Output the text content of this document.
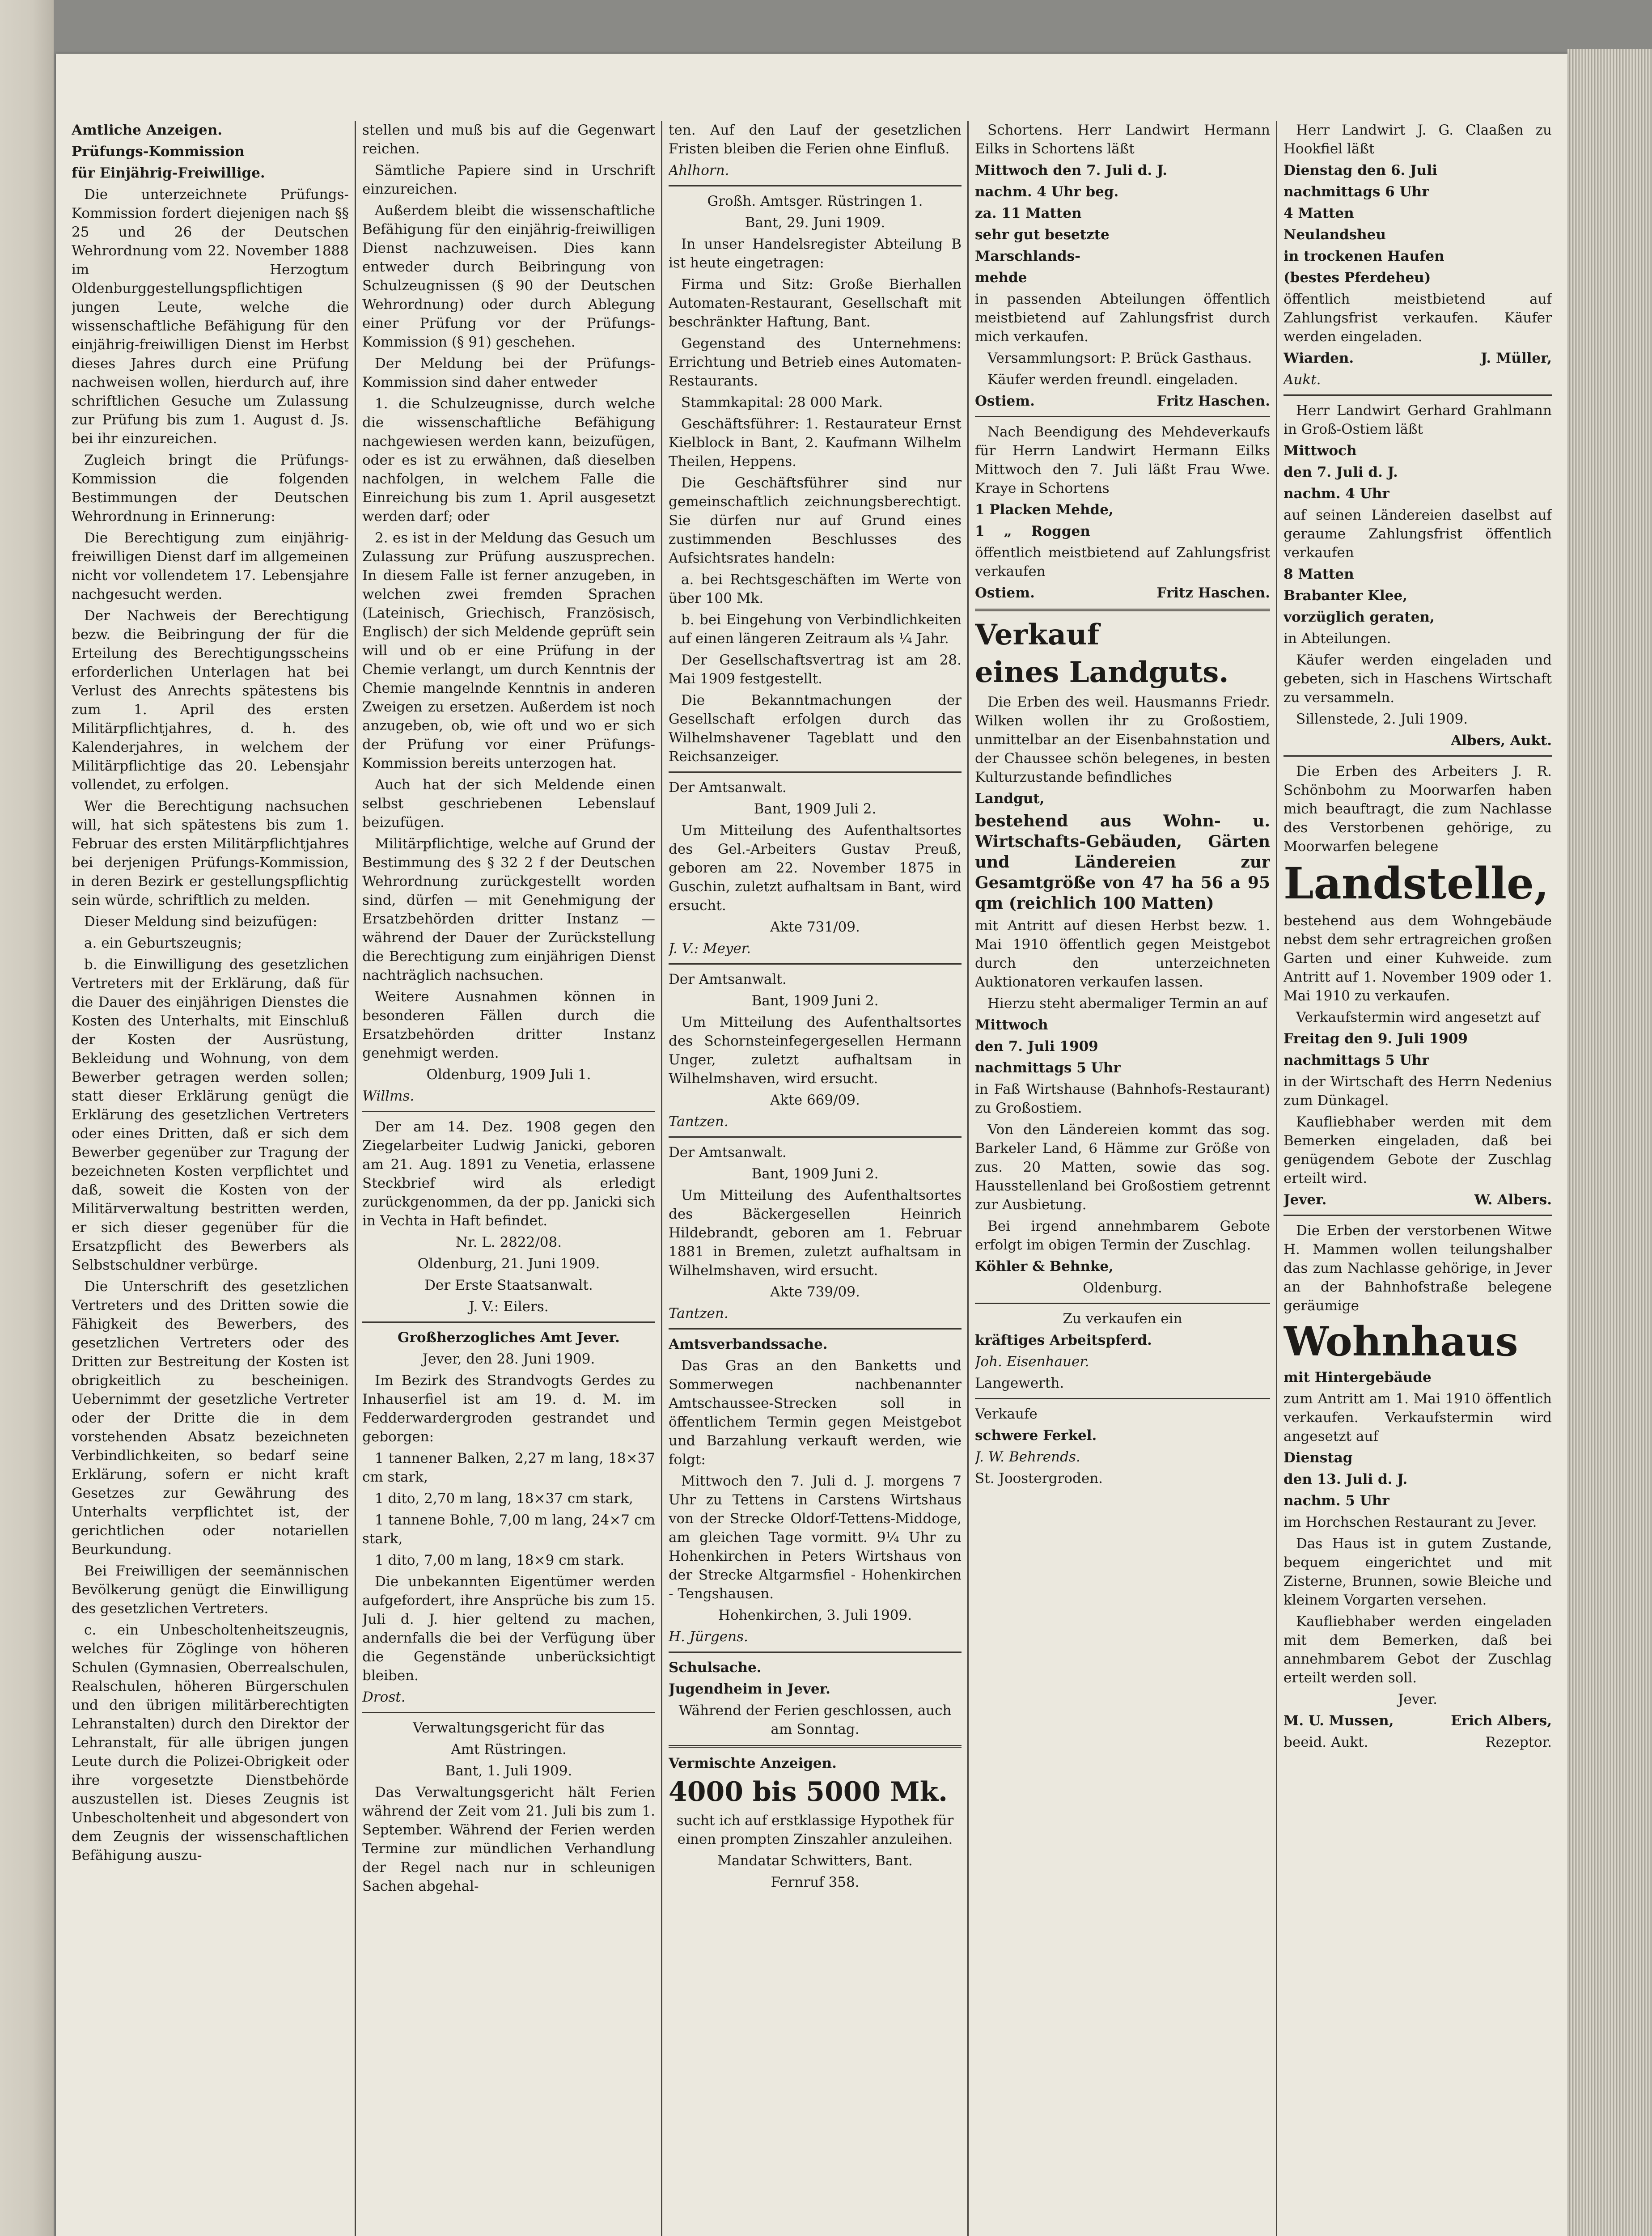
Amtliche Anzeigen.

Prüfungs-Kommission

für Einjährig-Freiwillige.

Die unterzeichnete Prüfungs-Kommission fordert diejenigen nach §§ 25 und 26 der Deutschen Wehrordnung vom 22. November 1888 im Herzogtum Oldenburggestellungspflichtigen jungen Leute, welche die wissenschaftliche Befähigung für den einjährig-freiwilligen Dienst im Herbst dieses Jahres durch eine Prüfung nachweisen wollen, hierdurch auf, ihre schriftlichen Gesuche um Zulassung zur Prüfung bis zum 1. August d. Js. bei ihr einzureichen.

Zugleich bringt die Prüfungs-Kommission die folgenden Bestimmungen der Deutschen Wehrordnung in Erinnerung:

Die Berechtigung zum einjährig-freiwilligen Dienst darf im allgemeinen nicht vor vollendetem 17. Lebensjahre nachgesucht werden.

Der Nachweis der Berechtigung bezw. die Beibringung der für die Erteilung des Berechtigungsscheins erforderlichen Unterlagen hat bei Verlust des Anrechts spätestens bis zum 1. April des ersten Militärpflichtjahres, d. h. des Kalenderjahres, in welchem der Militärpflichtige das 20. Lebensjahr vollendet, zu erfolgen.

Wer die Berechtigung nachsuchen will, hat sich spätestens bis zum 1. Februar des ersten Militärpflichtjahres bei derjenigen Prüfungs-Kommission, in deren Bezirk er gestellungspflichtig sein würde, schriftlich zu melden.

Dieser Meldung sind beizufügen:

a. ein Geburtszeugnis;

b. die Einwilligung des gesetzlichen Vertreters mit der Erklärung, daß für die Dauer des einjährigen Dienstes die Kosten des Unterhalts, mit Einschluß der Kosten der Ausrüstung, Bekleidung und Wohnung, von dem Bewerber getragen werden sollen; statt dieser Erklärung genügt die Erklärung des gesetzlichen Vertreters oder eines Dritten, daß er sich dem Bewerber gegenüber zur Tragung der bezeichneten Kosten verpflichtet und daß, soweit die Kosten von der Militärverwaltung bestritten werden, er sich dieser gegenüber für die Ersatzpflicht des Bewerbers als Selbstschuldner verbürge.

Die Unterschrift des gesetzlichen Vertreters und des Dritten sowie die Fähigkeit des Bewerbers, des gesetzlichen Vertreters oder des Dritten zur Bestreitung der Kosten ist obrigkeitlich zu bescheinigen. Uebernimmt der gesetzliche Vertreter oder der Dritte die in dem vorstehenden Absatz bezeichneten Verbindlichkeiten, so bedarf seine Erklärung, sofern er nicht kraft Gesetzes zur Gewährung des Unterhalts verpflichtet ist, der gerichtlichen oder notariellen Beurkundung.

Bei Freiwilligen der seemännischen Bevölkerung genügt die Einwilligung des gesetzlichen Vertreters.

c. ein Unbescholtenheitszeugnis, welches für Zöglinge von höheren Schulen (Gymnasien, Oberrealschulen, Realschulen, höheren Bürgerschulen und den übrigen militärberechtigten Lehranstalten) durch den Direktor der Lehranstalt, für alle übrigen jungen Leute durch die Polizei-Obrigkeit oder ihre vorgesetzte Dienstbehörde auszustellen ist. Dieses Zeugnis ist Unbescholtenheit und abgesondert von dem Zeugnis der wissenschaftlichen Befähigung auszu-

stellen und muß bis auf die Gegenwart reichen.

Sämtliche Papiere sind in Urschrift einzureichen.

Außerdem bleibt die wissenschaftliche Befähigung für den einjährig-freiwilligen Dienst nachzuweisen. Dies kann entweder durch Beibringung von Schulzeugnissen (§ 90 der Deutschen Wehrordnung) oder durch Ablegung einer Prüfung vor der Prüfungs-Kommission (§ 91) geschehen.

Der Meldung bei der Prüfungs-Kommission sind daher entweder

1. die Schulzeugnisse, durch welche die wissenschaftliche Befähigung nachgewiesen werden kann, beizufügen, oder es ist zu erwähnen, daß dieselben nachfolgen, in welchem Falle die Einreichung bis zum 1. April ausgesetzt werden darf; oder

2. es ist in der Meldung das Gesuch um Zulassung zur Prüfung auszusprechen. In diesem Falle ist ferner anzugeben, in welchen zwei fremden Sprachen (Lateinisch, Griechisch, Französisch, Englisch) der sich Meldende geprüft sein will und ob er eine Prüfung in der Chemie verlangt, um durch Kenntnis der Chemie mangelnde Kenntnis in anderen Zweigen zu ersetzen. Außerdem ist noch anzugeben, ob, wie oft und wo er sich der Prüfung vor einer Prüfungs-Kommission bereits unterzogen hat.

Auch hat der sich Meldende einen selbst geschriebenen Lebenslauf beizufügen.

Militärpflichtige, welche auf Grund der Bestimmung des § 32 2 f der Deutschen Wehrordnung zurückgestellt worden sind, dürfen — mit Genehmigung der Ersatzbehörden dritter Instanz — während der Dauer der Zurückstellung die Berechtigung zum einjährigen Dienst nachträglich nachsuchen.

Weitere Ausnahmen können in besonderen Fällen durch die Ersatzbehörden dritter Instanz genehmigt werden.

Oldenburg, 1909 Juli 1.

Willms.

Der am 14. Dez. 1908 gegen den Ziegelarbeiter Ludwig Janicki, geboren am 21. Aug. 1891 zu Venetia, erlassene Steckbrief wird als erledigt zurückgenommen, da der pp. Janicki sich in Vechta in Haft befindet.

Nr. L. 2822/08.

Oldenburg, 21. Juni 1909.

Der Erste Staatsanwalt.

J. V.: Eilers.

Großherzogliches Amt Jever.

Jever, den 28. Juni 1909.

Im Bezirk des Strandvogts Gerdes zu Inhauserfiel ist am 19. d. M. im Fedderwardergroden gestrandet und geborgen:

1 tannener Balken, 2,27 m lang, 18×37 cm stark,

1 dito, 2,70 m lang, 18×37 cm stark,

1 tannene Bohle, 7,00 m lang, 24×7 cm stark,

1 dito, 7,00 m lang, 18×9 cm stark.

Die unbekannten Eigentümer werden aufgefordert, ihre Ansprüche bis zum 15. Juli d. J. hier geltend zu machen, andernfalls die bei der Verfügung über die Gegenstände unberücksichtigt bleiben.

Drost.

Verwaltungsgericht für das

Amt Rüstringen.

Bant, 1. Juli 1909.

Das Verwaltungsgericht hält Ferien während der Zeit vom 21. Juli bis zum 1. September. Während der Ferien werden Termine zur mündlichen Verhandlung der Regel nach nur in schleunigen Sachen abgehal-

ten. Auf den Lauf der gesetzlichen Fristen bleiben die Ferien ohne Einfluß.

Ahlhorn.

Großh. Amtsger. Rüstringen 1.

Bant, 29. Juni 1909.

In unser Handelsregister Abteilung B ist heute eingetragen:

Firma und Sitz: Große Bierhallen Automaten-Restaurant, Gesellschaft mit beschränkter Haftung, Bant.

Gegenstand des Unternehmens: Errichtung und Betrieb eines Automaten-Restaurants.

Stammkapital: 28 000 Mark.

Geschäftsführer: 1. Restaurateur Ernst Kielblock in Bant, 2. Kaufmann Wilhelm Theilen, Heppens.

Die Geschäftsführer sind nur gemeinschaftlich zeichnungsberechtigt. Sie dürfen nur auf Grund eines zustimmenden Beschlusses des Aufsichtsrates handeln:

a. bei Rechtsgeschäften im Werte von über 100 Mk.

b. bei Eingehung von Verbindlichkeiten auf einen längeren Zeitraum als ¼ Jahr.

Der Gesellschaftsvertrag ist am 28. Mai 1909 festgestellt.

Die Bekanntmachungen der Gesellschaft erfolgen durch das Wilhelmshavener Tageblatt und den Reichsanzeiger.

Der Amtsanwalt.

Bant, 1909 Juli 2.

Um Mitteilung des Aufenthaltsortes des Gel.-Arbeiters Gustav Preuß, geboren am 22. November 1875 in Guschin, zuletzt aufhaltsam in Bant, wird ersucht.

Akte 731/09.

J. V.: Meyer.

Der Amtsanwalt.

Bant, 1909 Juni 2.

Um Mitteilung des Aufenthaltsortes des Schornsteinfegergesellen Hermann Unger, zuletzt aufhaltsam in Wilhelmshaven, wird ersucht.

Akte 669/09.

Tantzen.

Der Amtsanwalt.

Bant, 1909 Juni 2.

Um Mitteilung des Aufenthaltsortes des Bäckergesellen Heinrich Hildebrandt, geboren am 1. Februar 1881 in Bremen, zuletzt aufhaltsam in Wilhelmshaven, wird ersucht.

Akte 739/09.

Tantzen.

Amtsverbandssache.

Das Gras an den Banketts und Sommerwegen nachbenannter Amtschaussee-Strecken soll in öffentlichem Termin gegen Meistgebot und Barzahlung verkauft werden, wie folgt:

Mittwoch den 7. Juli d. J. morgens 7 Uhr zu Tettens in Carstens Wirtshaus von der Strecke Oldorf-Tettens-Middoge, am gleichen Tage vormitt. 9¼ Uhr zu Hohenkirchen in Peters Wirtshaus von der Strecke Altgarmsfiel - Hohenkirchen - Tengshausen.

Hohenkirchen, 3. Juli 1909.

H. Jürgens.

Schulsache.

Jugendheim in Jever.

Während der Ferien geschlossen, auch am Sonntag.

Vermischte Anzeigen.

4000 bis 5000 Mk.

sucht ich auf erstklassige Hypothek für einen prompten Zinszahler anzuleihen.

Mandatar Schwitters, Bant.

Fernruf 358.

Schortens. Herr Landwirt Hermann Eilks in Schortens läßt

Mittwoch den 7. Juli d. J.

nachm. 4 Uhr beg.

za. 11 Matten

sehr gut besetzte

Marschlands-

mehde

in passenden Abteilungen öffentlich meistbietend auf Zahlungsfrist durch mich verkaufen.

Versammlungsort: P. Brück Gasthaus.

Käufer werden freundl. eingeladen.

Ostiem.	Fritz Haschen.

Nach Beendigung des Mehdeverkaufs für Herrn Landwirt Hermann Eilks Mittwoch den 7. Juli läßt Frau Wwe. Kraye in Schortens

1 Placken Mehde,

1    „    Roggen

öffentlich meistbietend auf Zahlungsfrist verkaufen

Ostiem.	Fritz Haschen.

Verkauf

eines Landguts.

Die Erben des weil. Hausmanns Friedr. Wilken wollen ihr zu Großostiem, unmittelbar an der Eisenbahnstation und der Chaussee schön belegenes, in besten Kulturzustande befindliches

Landgut,

bestehend aus Wohn- u. Wirtschafts-Gebäuden, Gärten und Ländereien zur Gesamtgröße von 47 ha 56 a 95 qm (reichlich 100 Matten)

mit Antritt auf diesen Herbst bezw. 1. Mai 1910 öffentlich gegen Meistgebot durch den unterzeichneten Auktionatoren verkaufen lassen.

Hierzu steht abermaliger Termin an auf

Mittwoch

den 7. Juli 1909

nachmittags 5 Uhr

in Faß Wirtshause (Bahnhofs-Restaurant) zu Großostiem.

Von den Ländereien kommt das sog. Barkeler Land, 6 Hämme zur Größe von zus. 20 Matten, sowie das sog. Hausstellenland bei Großostiem getrennt zur Ausbietung.

Bei irgend annehmbarem Gebote erfolgt im obigen Termin der Zuschlag.

Köhler & Behnke,

Oldenburg.

Zu verkaufen ein

kräftiges Arbeitspferd.

Joh. Eisenhauer.

Langewerth.

Verkaufe

schwere Ferkel.

J. W. Behrends.

St. Joostergroden.

Herr Landwirt J. G. Claaßen zu Hookfiel läßt

Dienstag den 6. Juli

nachmittags 6 Uhr

4 Matten

Neulandsheu

in trockenen Haufen

(bestes Pferdeheu)

öffentlich meistbietend auf Zahlungsfrist verkaufen. Käufer werden eingeladen.

Wiarden.	J. Müller,

Aukt.

Herr Landwirt Gerhard Grahlmann in Groß-Ostiem läßt

Mittwoch

den 7. Juli d. J.

nachm. 4 Uhr

auf seinen Ländereien daselbst auf geraume Zahlungsfrist öffentlich verkaufen

8 Matten

Brabanter Klee,

vorzüglich geraten,

in Abteilungen.

Käufer werden eingeladen und gebeten, sich in Haschens Wirtschaft zu versammeln.

Sillenstede, 2. Juli 1909.

Albers, Aukt.

Die Erben des Arbeiters J. R. Schönbohm zu Moorwarfen haben mich beauftragt, die zum Nachlasse des Verstorbenen gehörige, zu Moorwarfen belegene

Landstelle,

bestehend aus dem Wohngebäude nebst dem sehr ertragreichen großen Garten und einer Kuhweide. zum Antritt auf 1. November 1909 oder 1. Mai 1910 zu verkaufen.

Verkaufstermin wird angesetzt auf

Freitag den 9. Juli 1909

nachmittags 5 Uhr

in der Wirtschaft des Herrn Nedenius zum Dünkagel.

Kaufliebhaber werden mit dem Bemerken eingeladen, daß bei genügendem Gebote der Zuschlag erteilt wird.

Jever.	W. Albers.

Die Erben der verstorbenen Witwe H. Mammen wollen teilungshalber das zum Nachlasse gehörige, in Jever an der Bahnhofstraße belegene geräumige

Wohnhaus

mit Hintergebäude

zum Antritt am 1. Mai 1910 öffentlich verkaufen. Verkaufstermin wird angesetzt auf

Dienstag

den 13. Juli d. J.

nachm. 5 Uhr

im Horchschen Restaurant zu Jever.

Das Haus ist in gutem Zustande, bequem eingerichtet und mit Zisterne, Brunnen, sowie Bleiche und kleinem Vorgarten versehen.

Kaufliebhaber werden eingeladen mit dem Bemerken, daß bei annehmbarem Gebot der Zuschlag erteilt werden soll.

Jever.

M. U. Mussen,	Erich Albers,
beeid. Aukt.	Rezeptor.
